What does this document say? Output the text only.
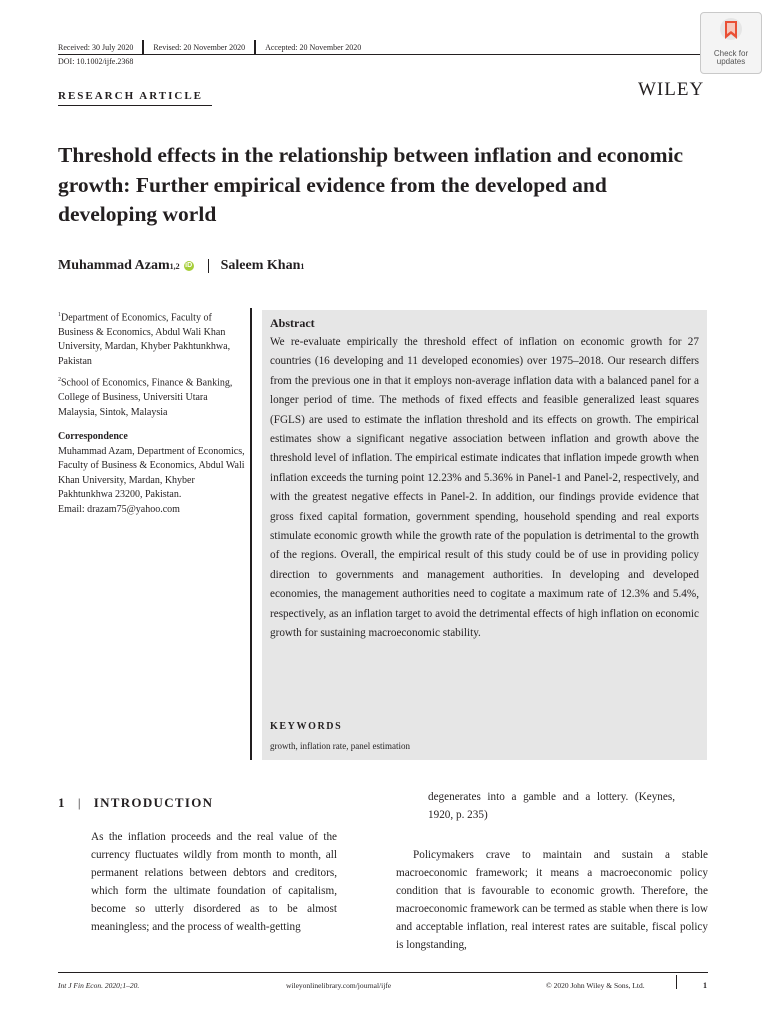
Received: 30 July 2020	Revised: 20 November 2020	Accepted: 20 November 2020
DOI: 10.1002/ijfe.2368
Check for
updates
WILEY
RESEARCH ARTICLE
Threshold effects in the relationship between inflation and economic growth: Further empirical evidence from the developed and developing world
Muhammad Azam 1,2 iD Saleem Khan 1

$^1$Department of Economics, Faculty of Business & Economics, Abdul Wali Khan University, Mardan, Khyber Pakhtunkhwa, Pakistan

$^2$School of Economics, Finance & Banking, College of Business, Universiti Utara Malaysia, Sintok, Malaysia

Correspondence

Muhammad Azam, Department of Economics, Faculty of Business & Economics, Abdul Wali Khan University, Mardan, Khyber Pakhtunkhwa 23200, Pakistan.

Email: drazam75@yahoo.com

Abstract

We re-evaluate empirically the threshold effect of inflation on economic growth for 27 countries (16 developing and 11 developed economies) over 1975–2018. Our research differs from the previous one in that it employs non-average inflation data with a balanced panel for a longer period of time. The methods of fixed effects and feasible generalized least squares (FGLS) are used to estimate the inflation threshold and its effects on growth. The empirical estimates show a significant negative association between inflation and growth above the threshold level of inflation. The empirical estimate indicates that inflation impede growth when inflation exceeds the turning point 12.23% and 5.36% in Panel-1 and Panel-2, respectively, and with the greatest negative effects in Panel-2. In addition, our findings provide evidence that gross fixed capital formation, government spending, household spending and real exports stimulate economic growth while the growth rate of the population is detrimental to the growth of the regions. Overall, the empirical result of this study could be of use in providing policy direction to governments and management authorities. In developing and developed economies, the management authorities need to cogitate a maximum rate of 12.3% and 5.4%, respectively, as an inflation target to avoid the detrimental effects of high inflation on economic growth for sustaining macroeconomic stability.

KEYWORDS
growth, inflation rate, panel estimation
1 | INTRODUCTION

As the inflation proceeds and the real value of the currency fluctuates wildly from month to month, all permanent relations between debtors and creditors, which form the ultimate foundation of capitalism, become so utterly disordered as to be almost meaningless; and the process of wealth-getting

degenerates into a gamble and a lottery. (Keynes, 1920, p. 235)

Policymakers crave to maintain and sustain a stable macroeconomic framework; it means a macroeconomic policy condition that is favourable to economic growth. Therefore, the macroeconomic framework can be termed as stable when there is low and acceptable inflation, real interest rates are suitable, fiscal policy is longstanding,

Int J Fin Econ. 2020;1–20.	wileyonlinelibrary.com/journal/ijfe	© 2020 John Wiley & Sons, Ltd.	1
